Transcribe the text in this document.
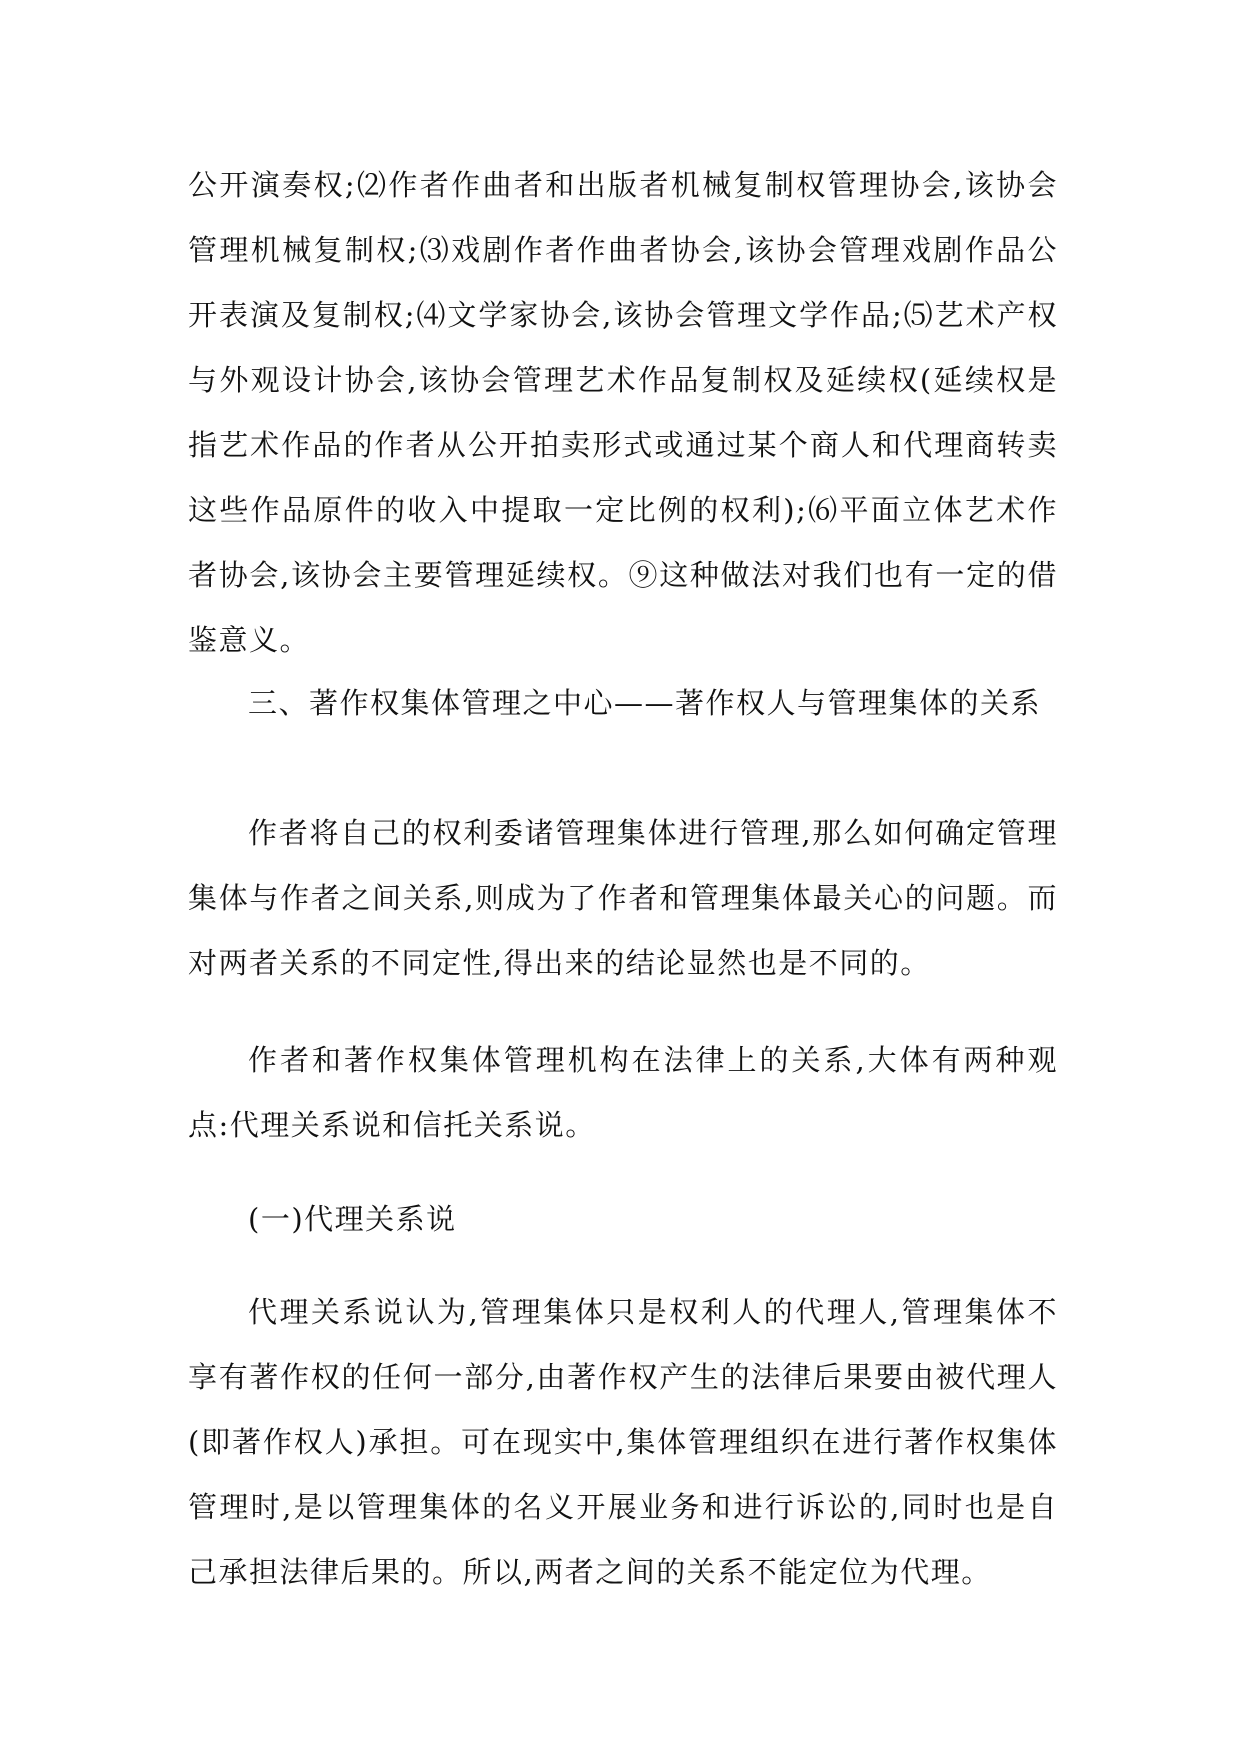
公开演奏权;⑵作者作曲者和出版者机械复制权管理协会,该协会管理机械复制权;⑶戏剧作者作曲者协会,该协会管理戏剧作品公开表演及复制权;⑷文学家协会,该协会管理文学作品;⑸艺术产权与外观设计协会,该协会管理艺术作品复制权及延续权(延续权是指艺术作品的作者从公开拍卖形式或通过某个商人和代理商转卖这些作品原件的收入中提取一定比例的权利);⑹平面立体艺术作者协会,该协会主要管理延续权。⑨这种做法对我们也有一定的借鉴意义。

三、著作权集体管理之中心——著作权人与管理集体的关系

作者将自己的权利委诸管理集体进行管理,那么如何确定管理集体与作者之间关系,则成为了作者和管理集体最关心的问题。而对两者关系的不同定性,得出来的结论显然也是不同的。

作者和著作权集体管理机构在法律上的关系,大体有两种观点:代理关系说和信托关系说。

(一)代理关系说

代理关系说认为,管理集体只是权利人的代理人,管理集体不享有著作权的任何一部分,由著作权产生的法律后果要由被代理人(即著作权人)承担。可在现实中,集体管理组织在进行著作权集体管理时,是以管理集体的名义开展业务和进行诉讼的,同时也是自己承担法律后果的。所以,两者之间的关系不能定位为代理。
